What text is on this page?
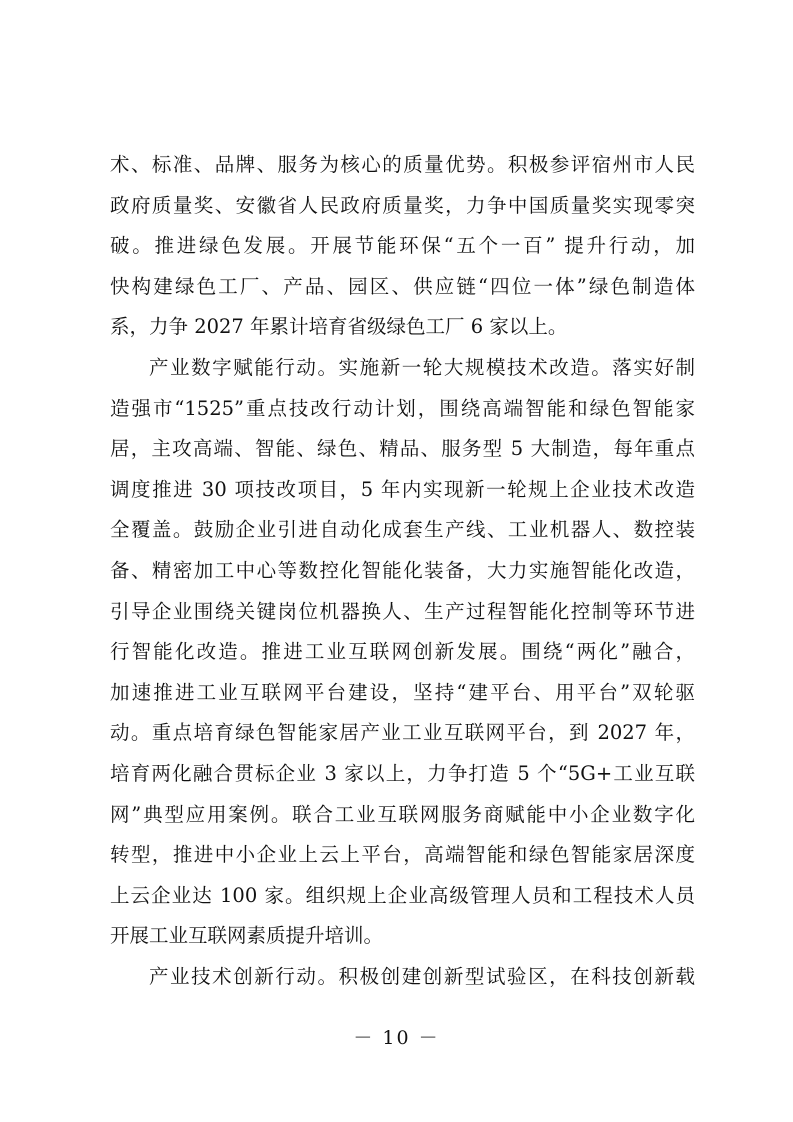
术、标准、品牌、服务为核心的质量优势。积极参评宿州市人民
政府质量奖、安徽省人民政府质量奖，力争中国质量奖实现零突
破。推进绿色发展。开展节能环保“五个一百” 提升行动，加
快构建绿色工厂、产品、园区、供应链“四位一体”绿色制造体
系，力争 2027 年累计培育省级绿色工厂 6 家以上。
产业数字赋能行动。实施新一轮大规模技术改造。落实好制
造强市“1525”重点技改行动计划，围绕高端智能和绿色智能家
居，主攻高端、智能、绿色、精品、服务型 5 大制造，每年重点
调度推进 30 项技改项目，5 年内实现新一轮规上企业技术改造
全覆盖。鼓励企业引进自动化成套生产线、工业机器人、数控装
备、精密加工中心等数控化智能化装备，大力实施智能化改造，
引导企业围绕关键岗位机器换人、生产过程智能化控制等环节进
行智能化改造。推进工业互联网创新发展。围绕“两化”融合，
加速推进工业互联网平台建设，坚持“建平台、用平台”双轮驱
动。重点培育绿色智能家居产业工业互联网平台，到 2027 年，
培育两化融合贯标企业 3 家以上，力争打造 5 个“5G+工业互联
网”典型应用案例。联合工业互联网服务商赋能中小企业数字化
转型，推进中小企业上云上平台，高端智能和绿色智能家居深度
上云企业达 100 家。组织规上企业高级管理人员和工程技术人员
开展工业互联网素质提升培训。
产业技术创新行动。积极创建创新型试验区，在科技创新载
－ 10 －
